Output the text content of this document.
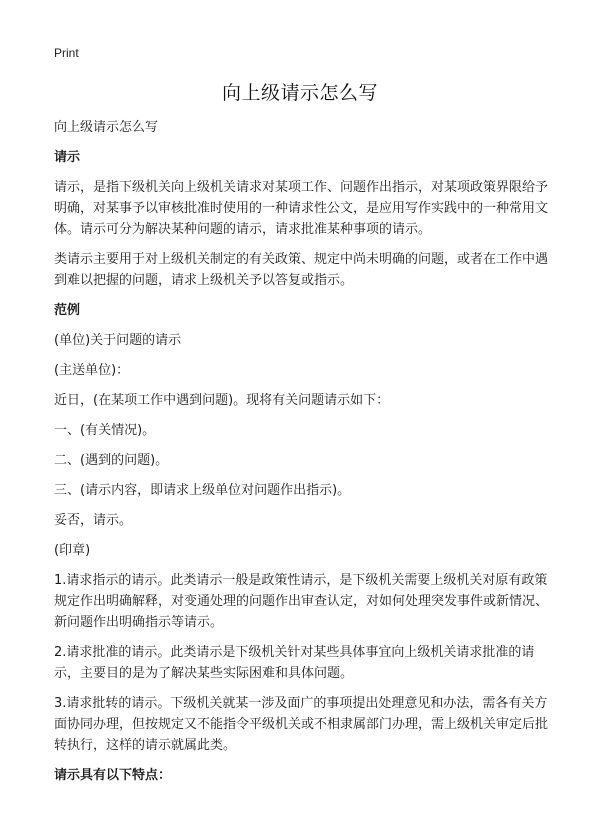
Print
向上级请示怎么写

向上级请示怎么写

请示

请示，是指下级机关向上级机关请求对某项工作、问题作出指示，对某项政策界限给予明确，对某事予以审核批准时使用的一种请求性公文，是应用写作实践中的一种常用文体。请示可分为解决某种问题的请示，请求批准某种事项的请示。

类请示主要用于对上级机关制定的有关政策、规定中尚未明确的问题，或者在工作中遇到难以把握的问题，请求上级机关予以答复或指示。

范例

(单位)关于问题的请示

(主送单位)：

近日，(在某项工作中遇到问题)。现将有关问题请示如下：

一、(有关情况)。

二、(遇到的问题)。

三、(请示内容，即请求上级单位对问题作出指示)。

妥否，请示。

(印章)

1.请求指示的请示。此类请示一般是政策性请示，是下级机关需要上级机关对原有政策规定作出明确解释，对变通处理的问题作出审查认定，对如何处理突发事件或新情况、新问题作出明确指示等请示。

2.请求批准的请示。此类请示是下级机关针对某些具体事宜向上级机关请求批准的请示，主要目的是为了解决某些实际困难和具体问题。

3.请求批转的请示。下级机关就某一涉及面广的事项提出处理意见和办法，需各有关方面协同办理，但按规定又不能指令平级机关或不相隶属部门办理，需上级机关审定后批转执行，这样的请示就属此类。

请示具有以下特点：
